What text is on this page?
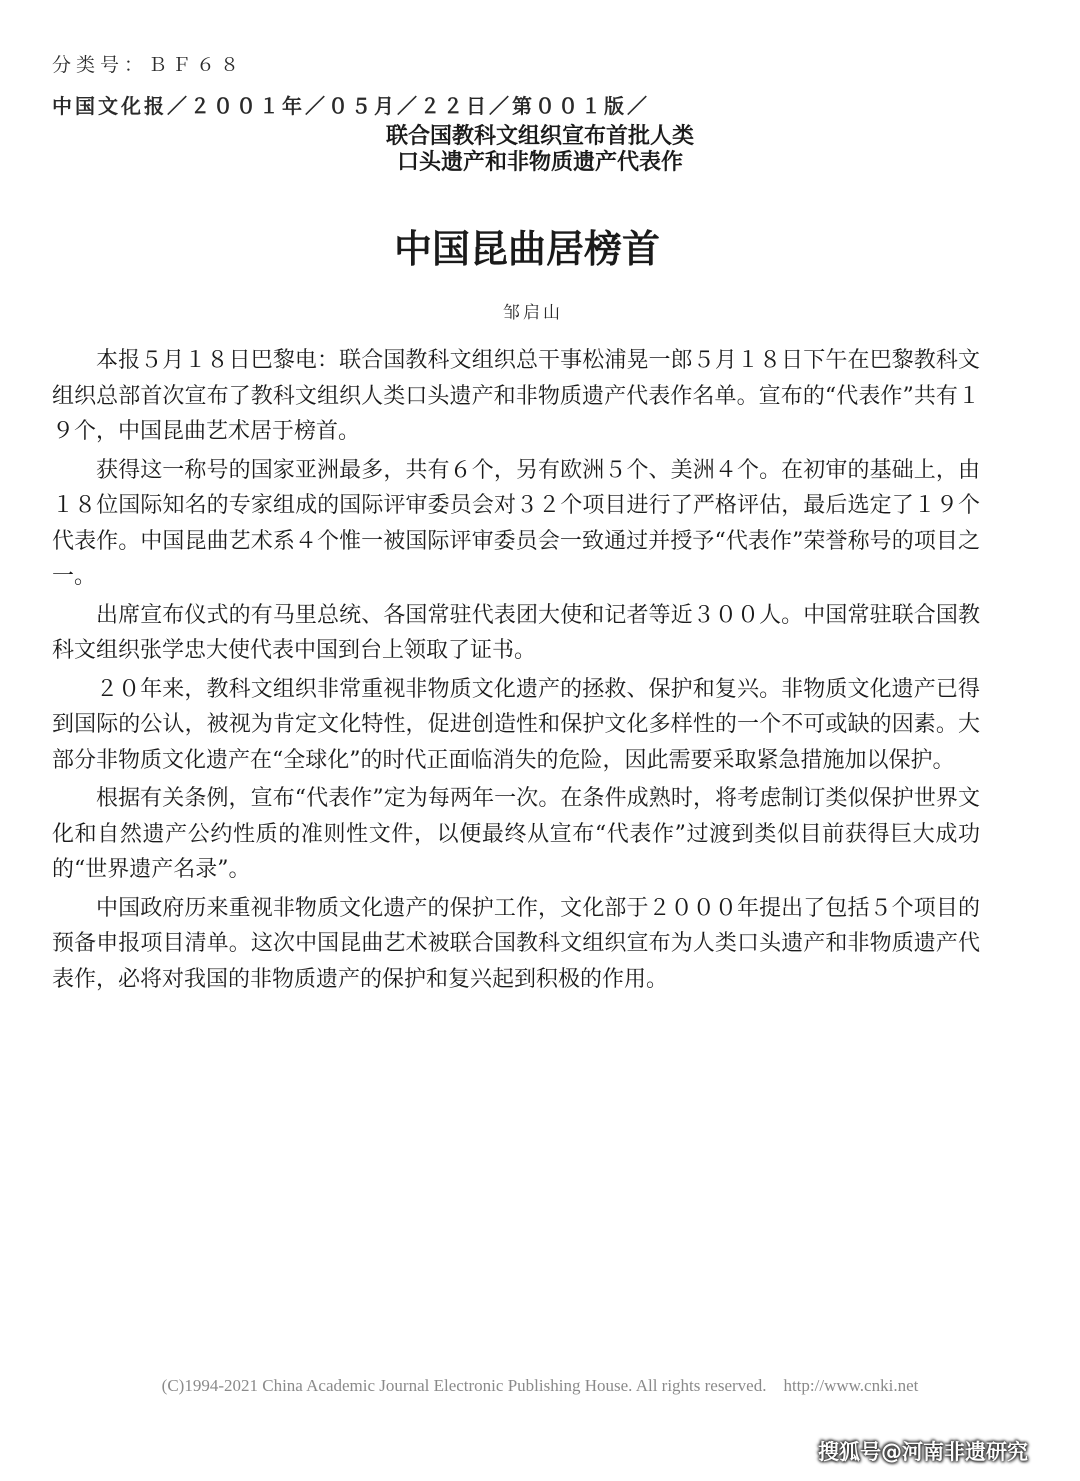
分类号：ＢＦ６８
中国文化报／２００１年／０５月／２２日／第００１版／
联合国教科文组织宣布首批人类
口头遗产和非物质遗产代表作
中国昆曲居榜首
邹启山

本报５月１８日巴黎电：联合国教科文组织总干事松浦晃一郎５月１８日下午在巴黎教科文组织总部首次宣布了教科文组织人类口头遗产和非物质遗产代表作名单。宣布的“代表作”共有１９个，中国昆曲艺术居于榜首。

获得这一称号的国家亚洲最多，共有６个，另有欧洲５个、美洲４个。在初审的基础上，由１８位国际知名的专家组成的国际评审委员会对３２个项目进行了严格评估，最后选定了１９个代表作。中国昆曲艺术系４个惟一被国际评审委员会一致通过并授予“代表作”荣誉称号的项目之一。

出席宣布仪式的有马里总统、各国常驻代表团大使和记者等近３００人。中国常驻联合国教科文组织张学忠大使代表中国到台上领取了证书。

２０年来，教科文组织非常重视非物质文化遗产的拯救、保护和复兴。非物质文化遗产已得到国际的公认，被视为肯定文化特性，促进创造性和保护文化多样性的一个不可或缺的因素。大部分非物质文化遗产在“全球化”的时代正面临消失的危险，因此需要采取紧急措施加以保护。

根据有关条例，宣布“代表作”定为每两年一次。在条件成熟时，将考虑制订类似保护世界文化和自然遗产公约性质的准则性文件，以便最终从宣布“代表作”过渡到类似目前获得巨大成功的“世界遗产名录”。

中国政府历来重视非物质文化遗产的保护工作，文化部于２０００年提出了包括５个项目的预备申报项目清单。这次中国昆曲艺术被联合国教科文组织宣布为人类口头遗产和非物质遗产代表作，必将对我国的非物质遗产的保护和复兴起到积极的作用。

(C)1994-2021 China Academic Journal Electronic Publishing House. All rights reserved.    http://www.cnki.net
搜狐号@河南非遗研究
